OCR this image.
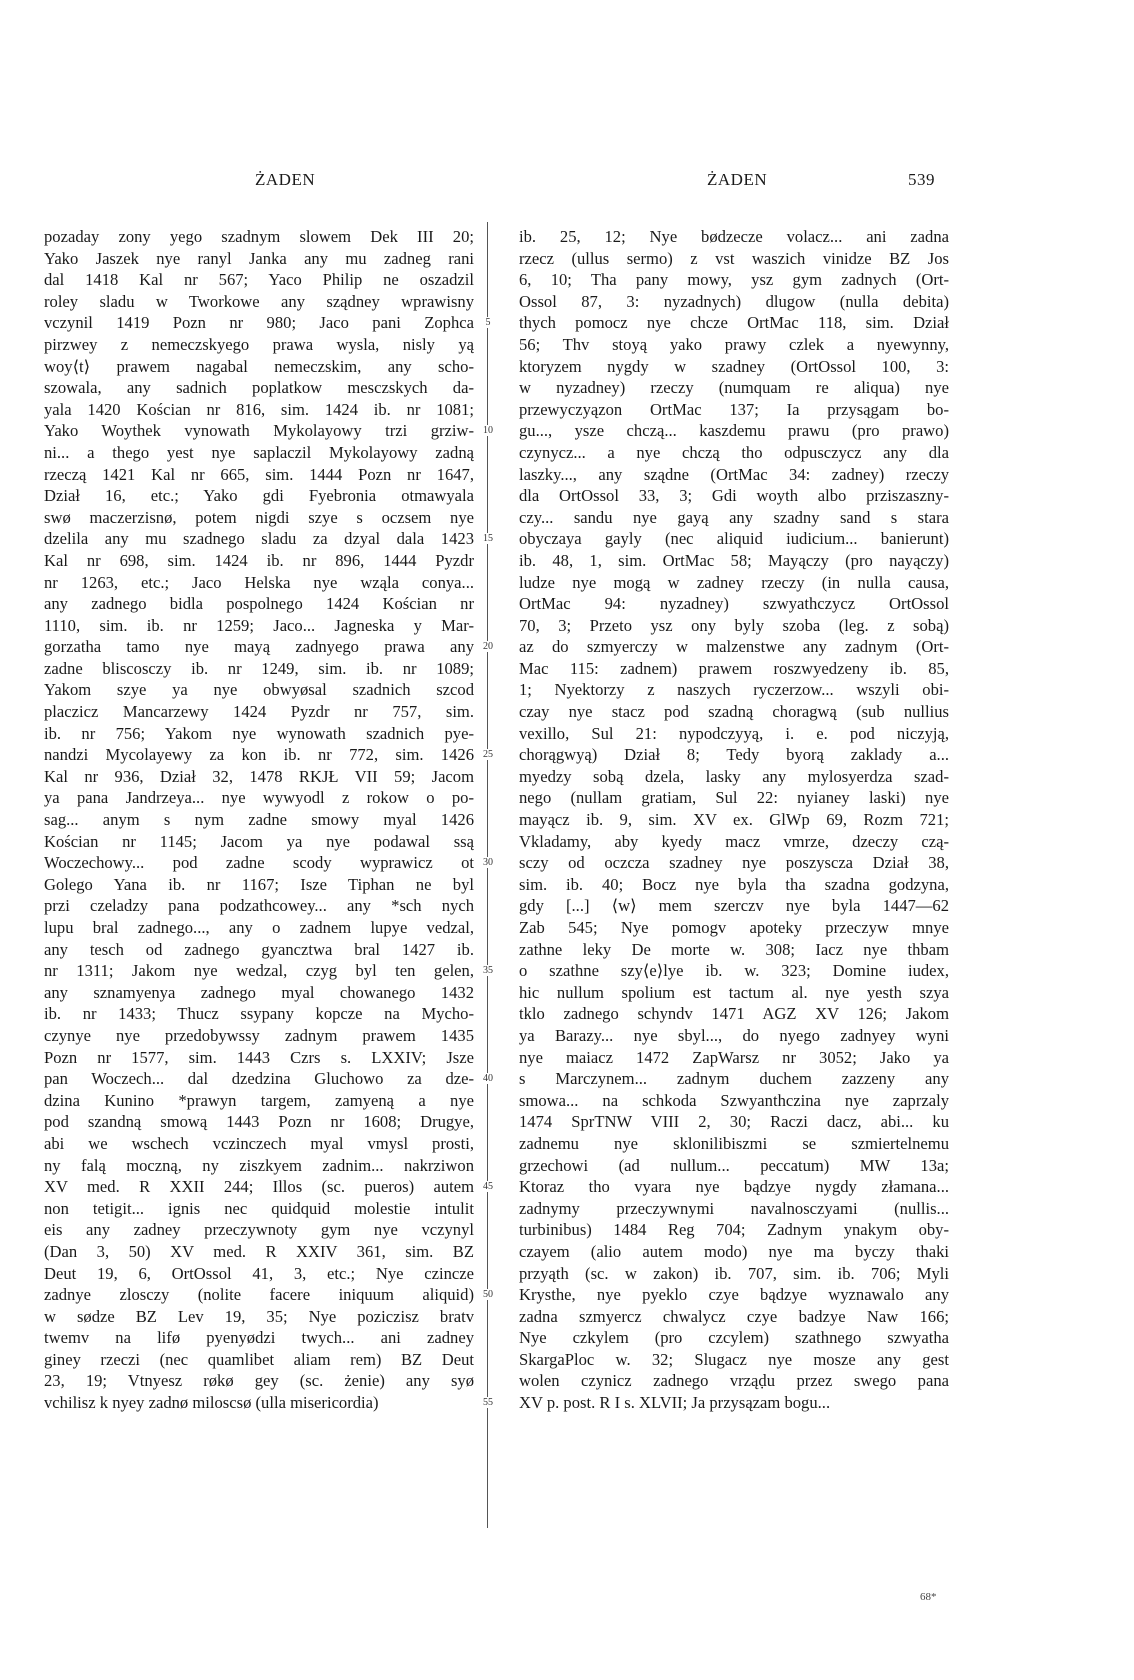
ŻADEN	ŻADEN	539
pozaday zony yego szadnym slowem Dek III 20;
Yako Jaszek nye ranyl Janka any mu zadneg rani
dal 1418 Kal nr 567; Yaco Philip ne oszadzil
roley sladu w Tworkowe any sządney wprawisny
vczynil 1419 Pozn nr 980; Jaco pani Zophca
pirzwey z nemeczskyego prawa wysla, nisly yą
woy⟨t⟩ prawem nagabal nemeczskim, any scho-
szowala, any sadnich poplatkow mesczskych da-
yala 1420 Kościan nr 816, sim. 1424 ib. nr 1081;
Yako Woythek vynowath Mykolayowy trzi grziw-
ni... a thego yest nye saplaczil Mykolayowy zadną
rzeczą 1421 Kal nr 665, sim. 1444 Pozn nr 1647,
Dział 16, etc.; Yako gdi Fyebronia otmawyala
swø maczerzisnø, potem nigdi szye s oczsem nye
dzelila any mu szadnego sladu za dzyal dala 1423
Kal nr 698, sim. 1424 ib. nr 896, 1444 Pyzdr
nr 1263, etc.; Jaco Helska nye wząla conya...
any zadnego bidla pospolnego 1424 Kościan nr
1110, sim. ib. nr 1259; Jaco... Jagneska y Mar-
gorzatha tamo nye mayą zadnyego prawa any
zadne bliscosczy ib. nr 1249, sim. ib. nr 1089;
Yakom szye ya nye obwyøsal szadnich szcod
placzicz Mancarzewy 1424 Pyzdr nr 757, sim.
ib. nr 756; Yakom nye wynowath szadnich pye-
nandzi Mycolayewy za kon ib. nr 772, sim. 1426
Kal nr 936, Dział 32, 1478 RKJŁ VII 59; Jacom
ya pana Jandrzeya... nye wywyodl z rokow o po-
sag... anym s nym zadne smowy myal 1426
Kościan nr 1145; Jacom ya nye podawal ssą
Woczechowy... pod zadne scody wyprawicz ot
Golego Yana ib. nr 1167; Isze Tiphan ne byl
przi czeladzy pana podzathcowey... any *sch nych
lupu bral zadnego..., any o zadnem lupye vedzal,
any tesch od zadnego gyanсztwa bral 1427 ib.
nr 1311; Jakom nye wedzal, czyg byl ten gelen,
any sznamyenya zadnego myal chowanego 1432
ib. nr 1433; Thucz ssypany kopcze na Mycho-
czynye nye przedobywssy zadnym prawem 1435
Pozn nr 1577, sim. 1443 Czrs s. LXXIV; Jsze
pan Woczech... dal dzedzina Gluchowo za dze-
dzina Kunino *prawyn targem, zamyeną a nye
pod szandną smową 1443 Pozn nr 1608; Drugye,
abi we wschech vczinczech myal vmysl prosti,
ny falą moczną, ny ziszkyem zadnim... nakrziwon
XV med. R XXII 244; Illos (sc. pueros) autem
non tetigit... ignis nec quidquid molestie intulit
eis any zadney przeczywnoty gym nye vczynyl
(Dan 3, 50) XV med. R XXIV 361, sim. BZ
Deut 19, 6, OrtOssol 41, 3, etc.; Nye czincze
zadnye zlosczy (nolite facere iniquum aliquid)
w sødze BZ Lev 19, 35; Nye poziczisz bratv
twemv na lifø pyenyødzi twych... ani zadney
giney rzeczi (nec quamlibet aliam rem) BZ Deut
23, 19; Vtnyesz røkø gey (sc. żenie) any syø
vchilisz k nyey zadnø miloscsø (ulla misericordia)
5
10
15
20
25
30
35
40
45
50
55
ib. 25, 12; Nye bødzecze volacz... ani zadna
rzecz (ullus sermo) z vst waszich vinidze BZ Jos
6, 10; Tha pany mowy, ysz gym zadnych (Ort-
Ossol 87, 3: nyzadnych) dlugow (nulla debita)
thych pomocz nye chcze OrtMac 118, sim. Dział
56; Thv stoyą yako prawy czlek a nyewynny,
ktoryzem nygdy w szadney (OrtOssol 100, 3:
w nyzadney) rzeczy (numquam re aliqua) nye
przewyczyązon OrtMac 137; Ia przysągam bo-
gu..., ysze chczą... kaszdemu prawu (pro prawo)
czynycz... a nye chczą tho odpusczycz any dla
laszky..., any sządne (OrtMac 34: zadney) rzeczy
dla OrtOssol 33, 3; Gdi woyth albo prziszaszny-
czy... sandu nye gayą any szadny sand s stara
obyczaya gayly (nec aliquid iudicium... banierunt)
ib. 48, 1, sim. OrtMac 58; Mayączy (pro nayączy)
ludze nye mogą w zadney rzeczy (in nulla causa,
OrtMac 94: nyzadney) szwyathczycz OrtOssol
70, 3; Przeto ysz ony byly szoba (leg. z sobą)
az do szmyerczy w malzenstwe any zadnym (Ort-
Mac 115: zadnem) prawem roszwyedzeny ib. 85,
1; Nyektorzy z naszych ryczerzow... wszyli obi-
czay nye stacz pod szadną choragwą (sub nullius
vexillo, Sul 21: nypodczyyą, i. e. pod niczyją,
chorągwyą) Dział 8; Tedy byorą zaklady a...
myedzy sobą dzela, lasky any mylosyerdza szad-
nego (nullam gratiam, Sul 22: nyianey laski) nye
mayącz ib. 9, sim. XV ex. GlWp 69, Rozm 721;
Vkladamy, aby kyedy macz vmrze, dzeczy czą-
sczy od oczcza szadney nye poszyscza Dział 38,
sim. ib. 40; Bocz nye byla tha szadna godzyna,
gdy [...] ⟨w⟩ mem szerczv nye byla 1447—62
Zab 545; Nye pomogv apoteky przeczyw mnye
zathne leky De morte w. 308; Iacz nye thbam
o szathne szy⟨e⟩lye ib. w. 323; Domine iudex,
hic nullum spolium est tactum al. nye yesth szya
tklo zadnego schyndv 1471 AGZ XV 126; Jakom
ya Barazy... nye sbyl..., do nyego zadnyey wyni
nye maiacz 1472 ZapWarsz nr 3052; Jako ya
s Marczynem... zadnym duchem zazzeny any
smowa... na schkoda Szwyanthczina nye zaprzaly
1474 SprTNW VIII 2, 30; Raczi dacz, abi... ku
zadnemu nye sklonilibiszmi se szmiertelnemu
grzechowi (ad nullum... peccatum) MW 13a;
Ktoraz tho vyara nye bądzye nygdy złamana...
zadnymy przeczywnymi navalnosczyami (nullis...
turbinibus) 1484 Reg 704; Zadnym ynakym oby-
czayem (alio autem modo) nye ma byczy thaki
przyąth (sc. w zakon) ib. 707, sim. ib. 706; Myli
Krysthe, nye pyeklo czye bądzye wyznawalo any
zadna szmyercz chwalycz czye badzye Naw 166;
Nye czkylem (pro czcylem) szathnego szwyatha
SkargaPloc w. 32; Slugacz nye mosze any gest
wolen czynicz zadnego vrząḍu przez swego pana
XV p. post. R I s. XLVII; Ja przysązam bogu...
68*
